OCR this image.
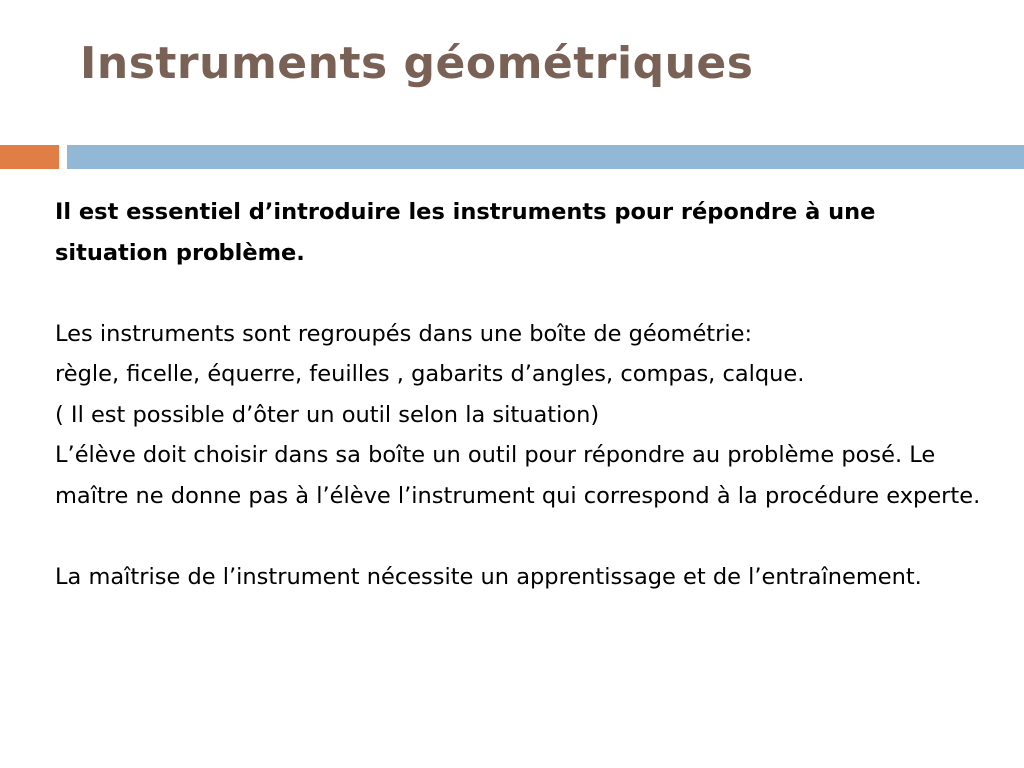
Instruments géométriques

Il est essentiel d’introduire les instruments pour répondre à une situation problème.

Les instruments sont regroupés dans une boîte de géométrie:

règle, ficelle, équerre, feuilles , gabarits d’angles, compas, calque.

( Il est possible d’ôter un outil selon la situation)

L’élève doit choisir dans sa boîte un outil pour répondre au problème posé. Le maître ne donne pas à l’élève l’instrument qui correspond à la procédure experte.

La maîtrise de l’instrument nécessite un apprentissage et de l’entraînement.
